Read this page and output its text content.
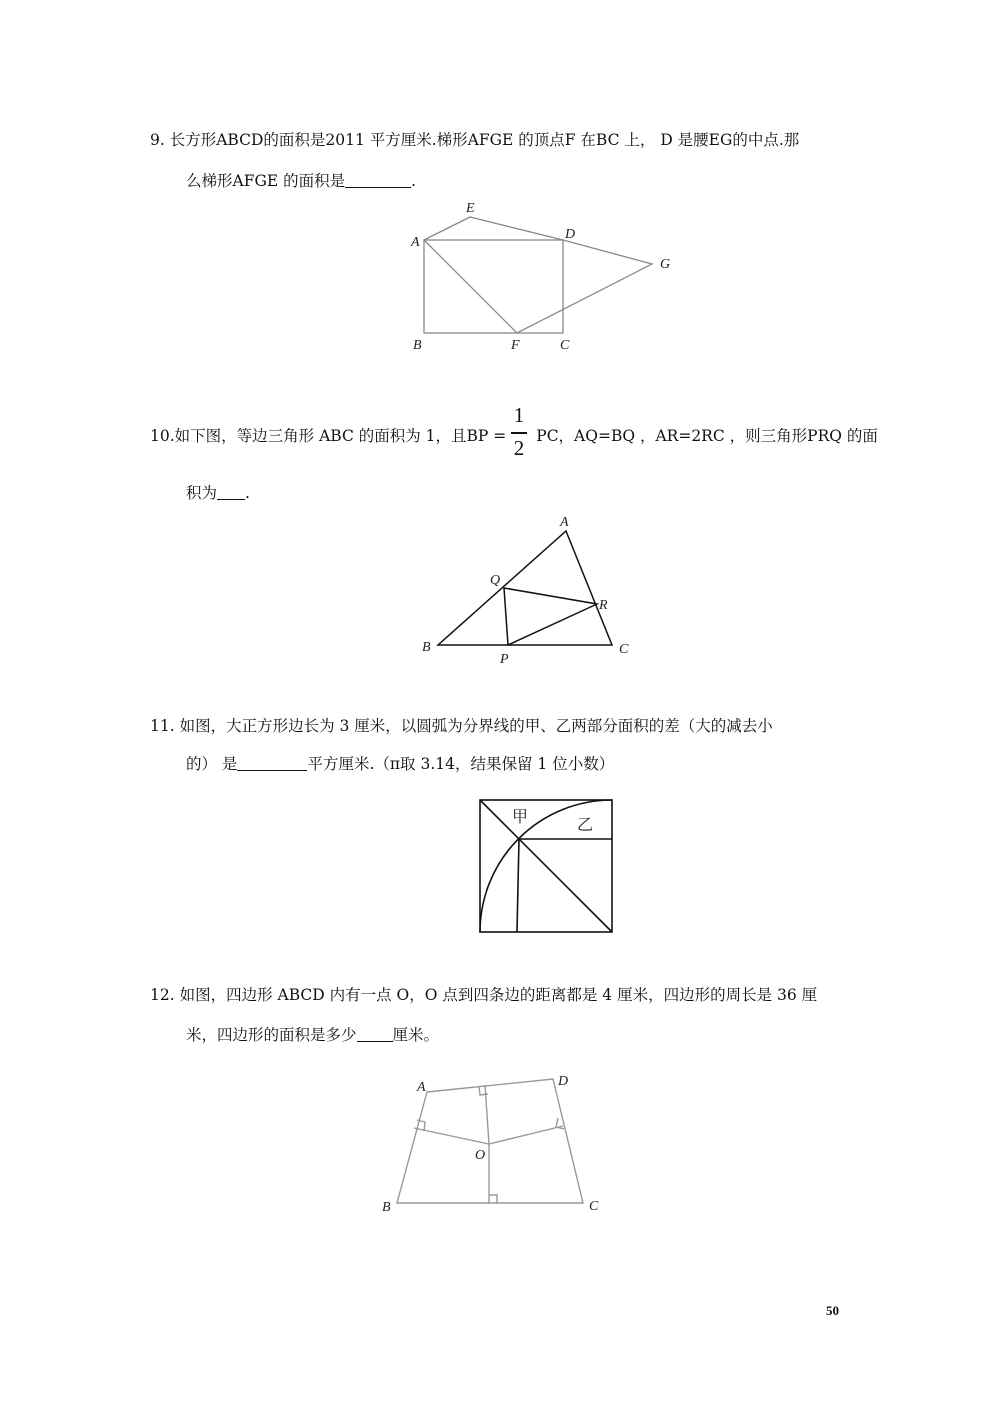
9. 长方形ABCD的面积是2011 平方厘米.梯形AFGE 的顶点F 在BC 上， D 是腰EG的中点.那
么梯形AFGE 的面积是	.
E
A
D
G
B	F	C
10.如下图，等边三角形 ABC 的面积为 1，且BP = PC，AQ=BQ ，AR=2RC ，则三角形PRQ 的面
1
2
积为 .
A
Q
R
B
P
C
11. 如图，大正方形边长为 3 厘米，以圆弧为分界线的甲、乙两部分面积的差（大的减去小
的） 是	平方厘米.（π取 3.14，结果保留 1 位小数）
甲	乙
12. 如图，四边形 ABCD 内有一点 O，O 点到四条边的距离都是 4 厘米，四边形的周长是 36 厘
米，四边形的面积是多少 厘米。
A	D
O
B	C
50
